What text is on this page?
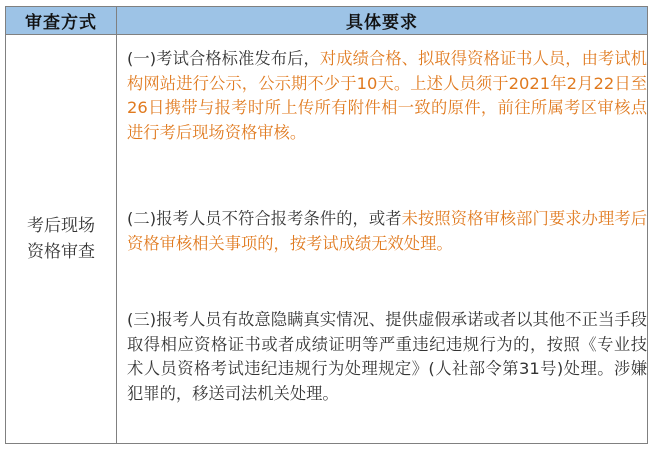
审查方式	具体要求
考后现场资格审查
(一)考试合格标准发布后，对成绩合格、拟取得资格证书人员，由考试机构网站进行公示，公示期不少于10天。上述人员须于2021年2月22日至26日携带与报考时所上传所有附件相一致的原件，前往所属考区审核点进行考后现场资格审核。
(二)报考人员不符合报考条件的，或者未按照资格审核部门要求办理考后资格审核相关事项的，按考试成绩无效处理。
(三)报考人员有故意隐瞒真实情况、提供虚假承诺或者以其他不正当手段取得相应资格证书或者成绩证明等严重违纪违规行为的，按照《专业技术人员资格考试违纪违规行为处理规定》(人社部令第31号)处理。涉嫌犯罪的，移送司法机关处理。
